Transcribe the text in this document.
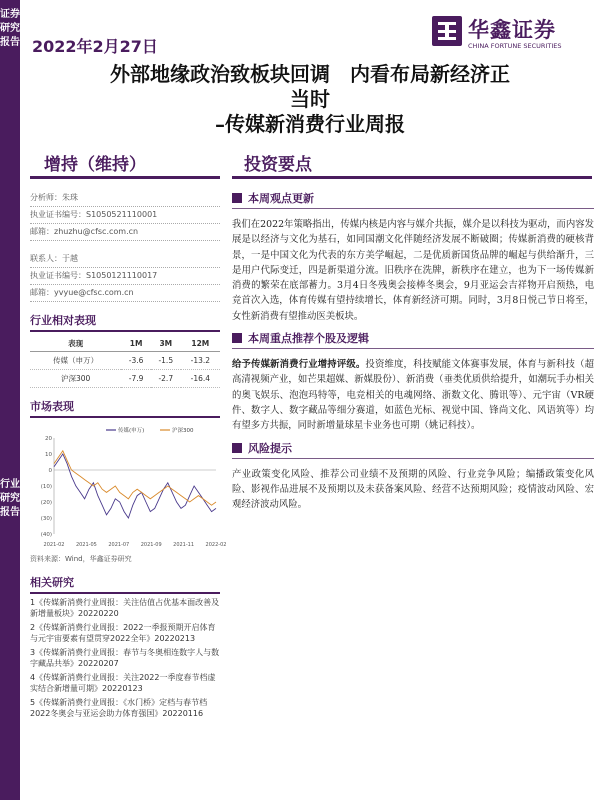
证券研究报告
行业研究报告
2022年2月27日
华鑫证券
CHINA FORTUNE SECURITIES
外部地缘政治致板块回调　内看布局新经济正
当时
–传媒新消费行业周报
增持（维持）	投资要点
分析师：朱珠
执业证书编号：S1050521110001
邮箱：zhuzhu@cfsc.com.cn
联系人：于越
执业证书编号：S1050121110017
邮箱：yvyue@cfsc.com.cn
行业相对表现
表现	1M	3M	12M
传媒（申万）	-3.6	-1.5	-13.2
沪深300	-7.9	-2.7	-16.4
市场表现
(40)
(30)
(20)
(10)
0
10
20
2021-02 2021-05 2021-07 2021-09 2021-11 2022-02
传媒(申万)	沪深300
资料来源：Wind，华鑫证券研究
相关研究
1《传媒新消费行业周报：关注估值占优基本面改善及新增量板块》20220220
2《传媒新消费行业周报：2022一季报预期开启体育与元宇宙要素有望贯穿2022全年》20220213
3《传媒新消费行业周报：春节与冬奥相连数字人与数字藏品共举》20220207
4《传媒新消费行业周报：关注2022一季度春节档虚实结合新增量可期》20220123
5《传媒新消费行业周报：《水门桥》定档与春节档 2022冬奥会与亚运会助力体育强国》20220116
本周观点更新

我们在2022年策略指出，传媒内核是内容与媒介共振，媒介是以科技为驱动，而内容发展是以经济与文化为基石，如同国潮文化伴随经济发展不断破圈；传媒新消费的硬核背景，一是中国文化为代表的东方美学崛起，二是优质新国货品牌的崛起与供给渐升，三是用户代际变迁，四是新渠道分流。旧秩序在洗牌，新秩序在建立，也为下一场传媒新消费的繁荣在底部蓄力。3月4日冬残奥会接棒冬奥会，9月亚运会吉祥物开启预热，电竞首次入选，体育传媒有望持续增长，体育新经济可期。同时，3月8日悦己节日将至，女性新消费有望推动医美板块。

本周重点推荐个股及逻辑

给予传媒新消费行业增持评级。投资维度，科技赋能文体赛事发展，体育与新科技（超高清视频产业，如芒果超媒、新媒股份）、新消费（垂类优质供给提升，如潮玩手办相关的奥飞娱乐、泡泡玛特等，电竞相关的电魂网络、浙数文化、腾讯等）、元宇宙（VR硬件、数字人、数字藏品等细分赛道，如蓝色光标、视觉中国、锋尚文化、风语筑等）均有望多方共振，同时新增量球星卡业务也可期（姚记科技）。

风险提示

产业政策变化风险、推荐公司业绩不及预期的风险、行业竞争风险；编播政策变化风险、影视作品进展不及预期以及未获备案风险、经营不达预期风险；疫情波动风险、宏观经济波动风险。
